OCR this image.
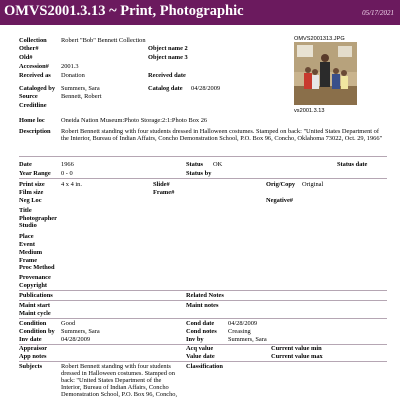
OMVS2001.3.13 ~ Print, Photographic	05/17/2021
OMVS2001313.JPG
vs2001.3.13
Collection Robert "Bob" Bennett Collection
Other#	Object name 2
Old#	Object name 3
Accession# 2001.3
Received as Donation	Received date
Cataloged by Summers, Sara	Catalog date 04/28/2009
Source	Bennett, Robert
Creditline
Home loc	Oneida Nation Museum:Photo Storage:2:1:Photo Box 26
Description Robert Bennett standing with four students dressed in Halloween costumes. Stamped on back: "United States Department of the Interior, Bureau of Indian Affairs, Concho Demonstration School, P.O. Box 96, Concho, Oklahoma 73022, Oct. 29, 1966"
Date	1966	Status OK	Status date
Year Range 0 - 0	Status by
Print size	4 x 4 in.	Slide#	Orig/Copy Original
Film size	Frame#
Neg Loc	Negative#
Title
Photographer
Studio
Place
Event
Medium
Frame
Proc Method
Provenance
Copyright
Publications	Related Notes
Maint start	Maint notes
Maint cycle
Condition Good	Cond date 04/28/2009
Condition by Summers, Sara	Cond notes Creasing
Inv date	04/28/2009	Inv by	Summers, Sara
Appraisor	Acq value	Current value min
App notes	Value date	Current value max
Subjects	Robert Bennett standing with four students dressed in Halloween costumes. Stamped on back: "United States Department of the Interior, Bureau of Indian Affairs, Concho Demonstration School, P.O. Box 96, Concho,
Classification
